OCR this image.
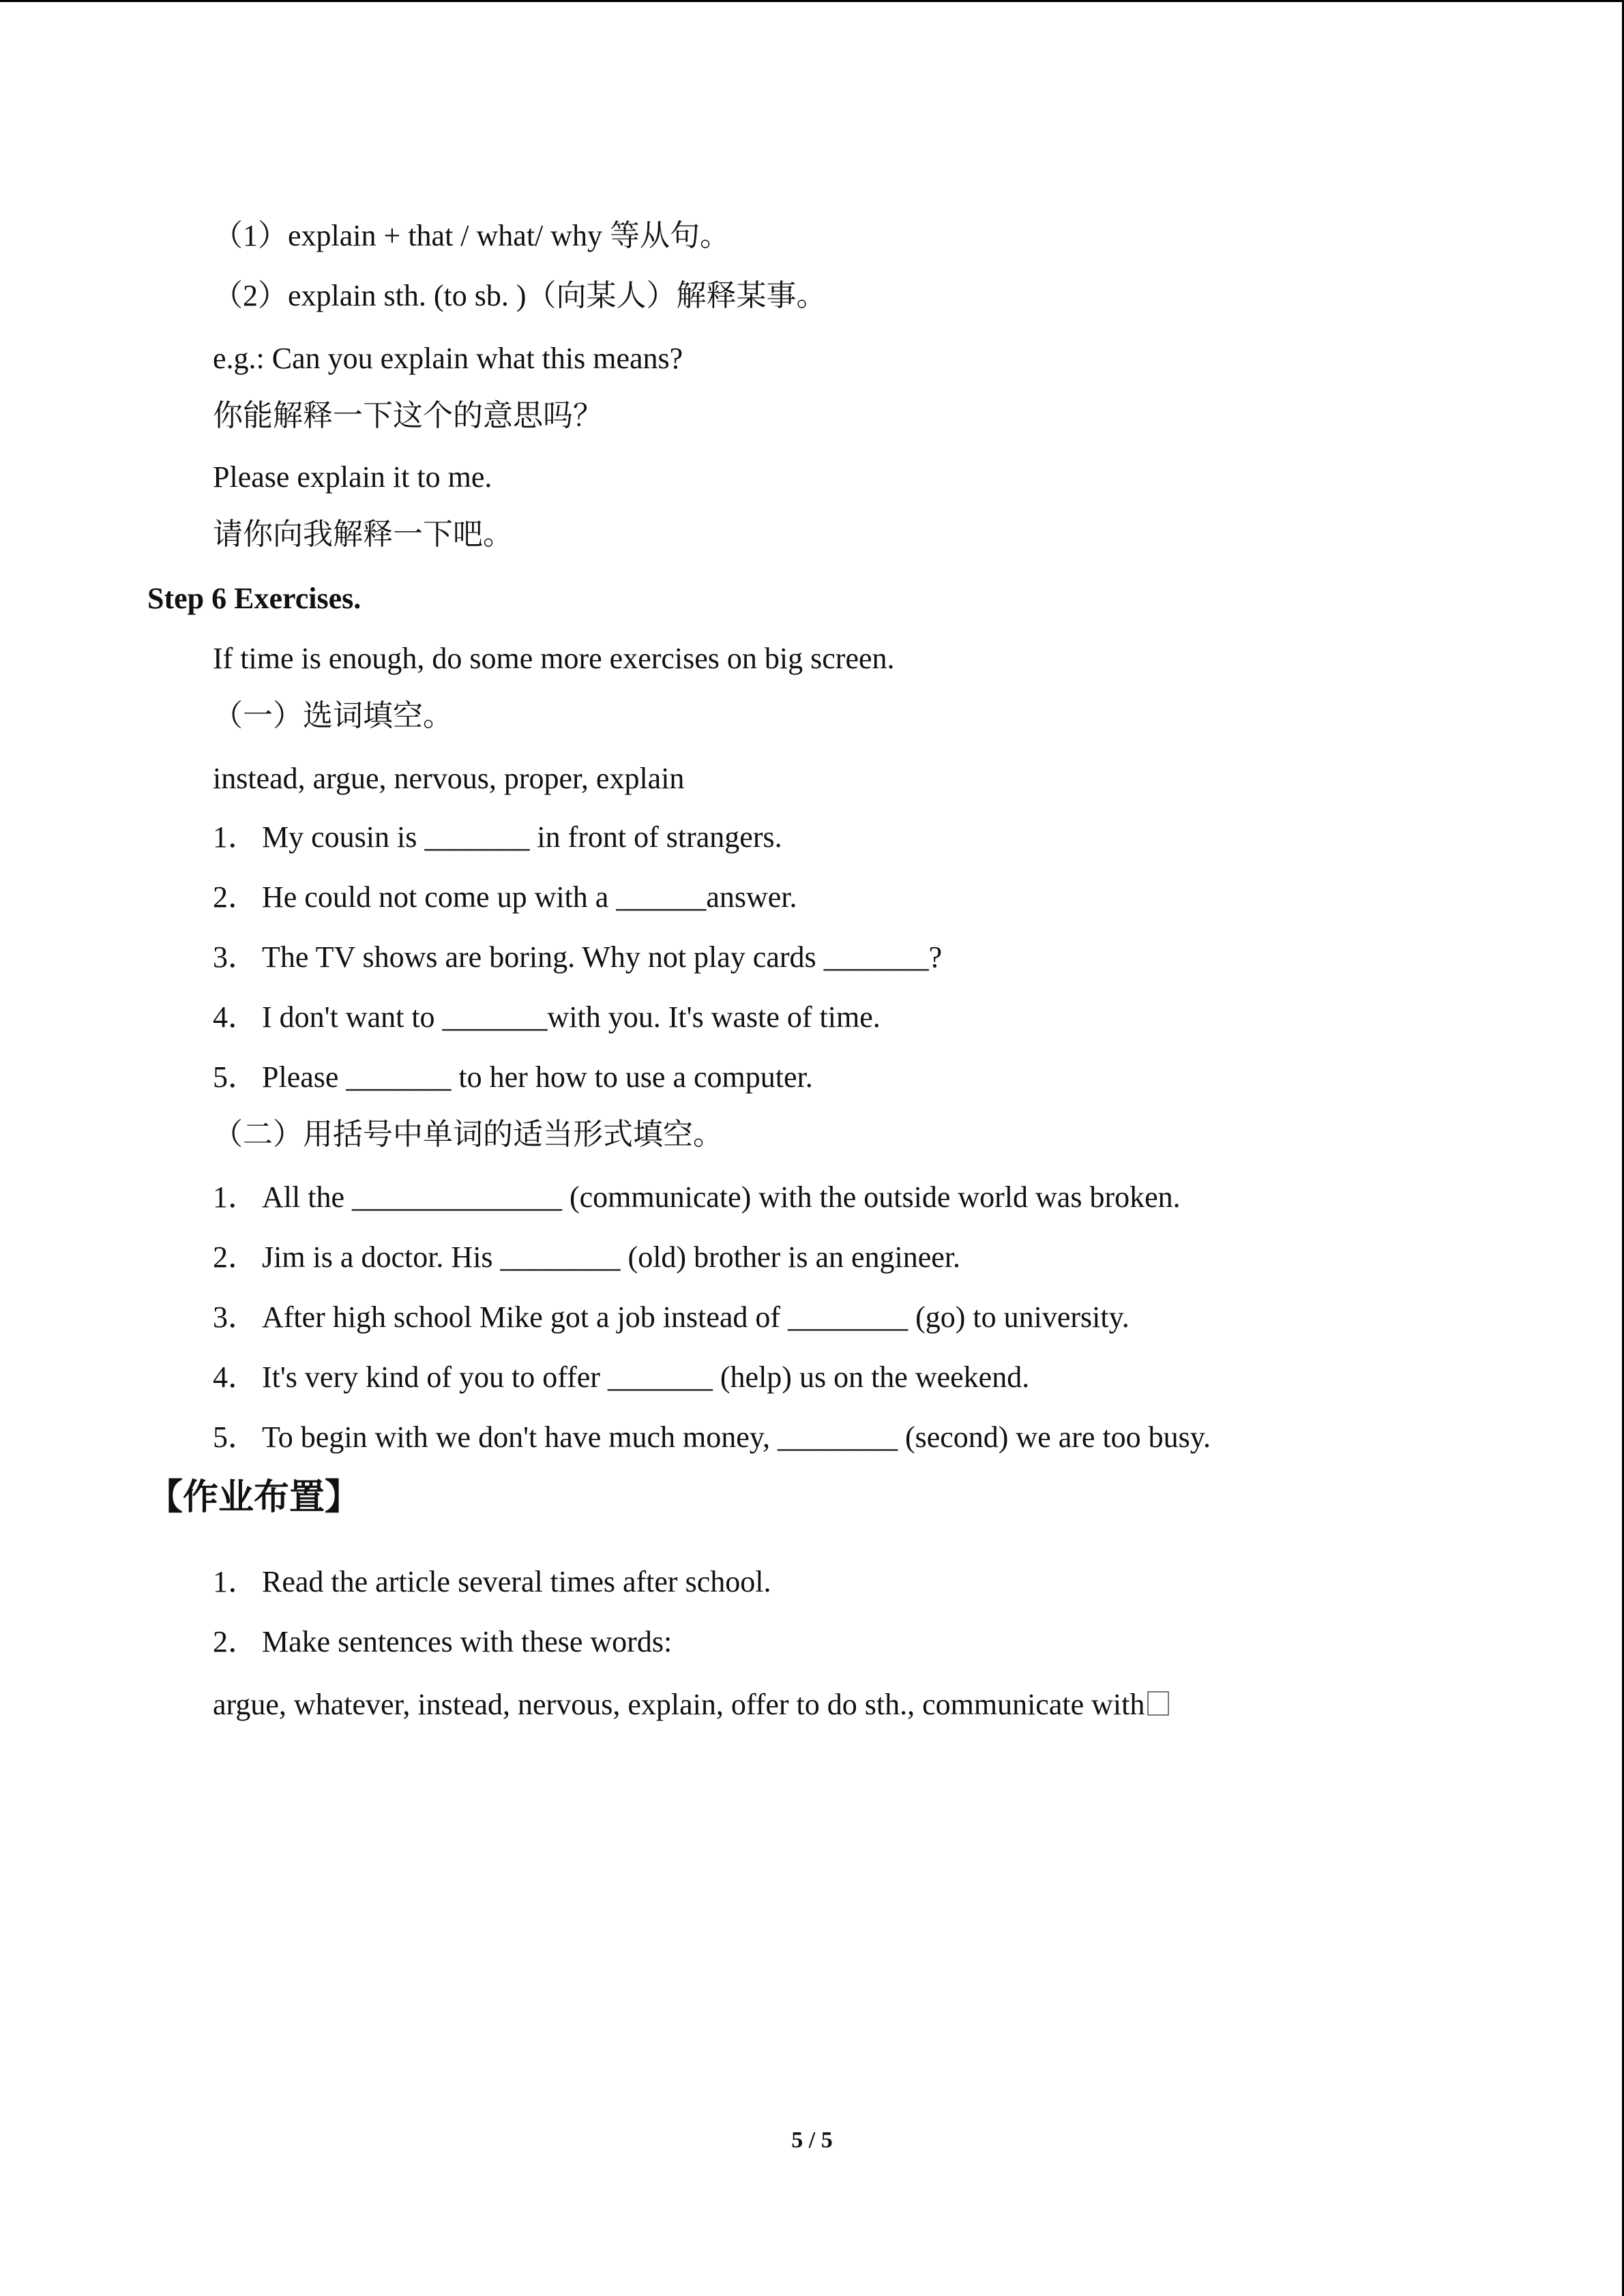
（1）explain + that / what/ why 等从句。
（2）explain sth. (to sb. )（向某人）解释某事。
e.g.: Can you explain what this means?
你能解释一下这个的意思吗？
Please explain it to me.
请你向我解释一下吧。
Step 6 Exercises.
If time is enough, do some more exercises on big screen.
（一）选词填空。
instead, argue, nervous, proper, explain
1． My cousin is _______ in front of strangers.
2． He could not come up with a ______answer.
3． The TV shows are boring. Why not play cards _______?
4． I don't want to _______with you. It's waste of time.
5． Please _______ to her how to use a computer.
（二）用括号中单词的适当形式填空。
1． All the ______________ (communicate) with the outside world was broken.
2． Jim is a doctor. His ________ (old) brother is an engineer.
3． After high school Mike got a job instead of ________ (go) to university.
4． It's very kind of you to offer _______ (help) us on the weekend.
5． To begin with we don't have much money, ________ (second) we are too busy.
【作业布置】
1． Read the article several times after school.
2． Make sentences with these words:
argue, whatever, instead, nervous, explain, offer to do sth., communicate with
5 / 5
